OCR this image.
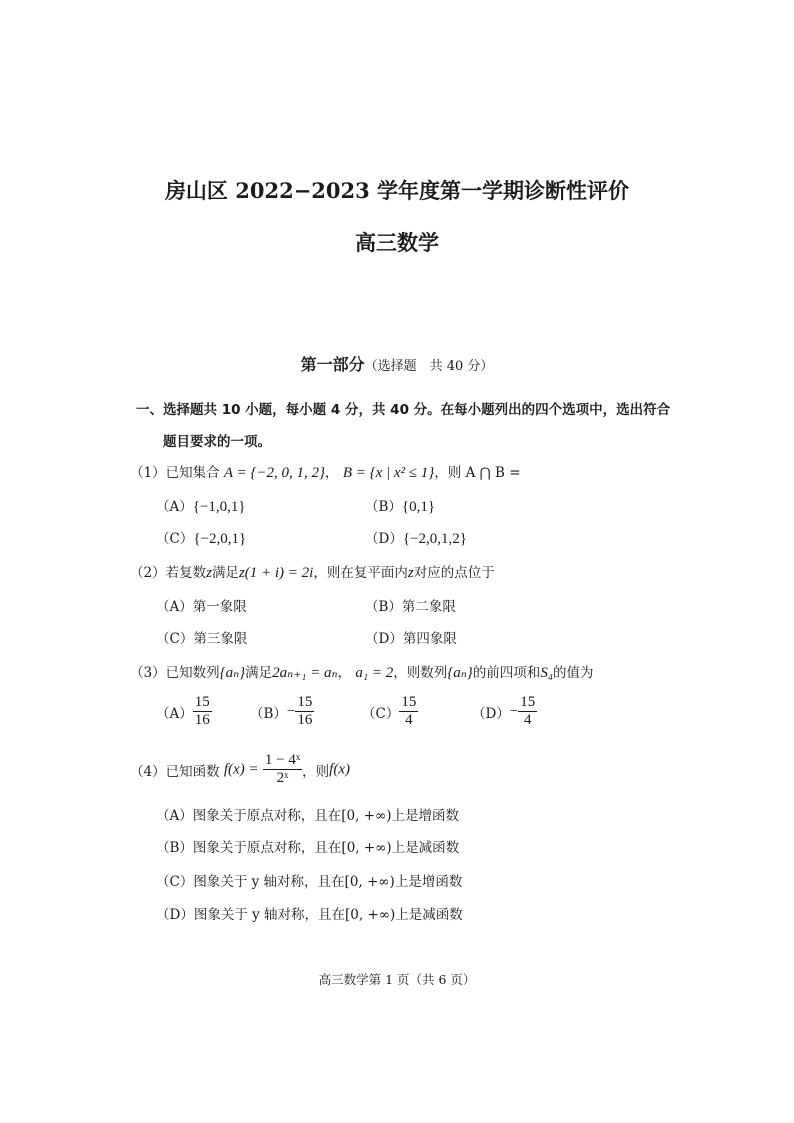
房山区 2022−2023 学年度第一学期诊断性评价
高三数学
第一部分（选择题　共 40 分）
一、选择题共 10 小题，每小题 4 分，共 40 分。在每小题列出的四个选项中，选出符合
题目要求的一项。
（1）已知集合 A = {−2, 0, 1, 2}， B = {x | x² ≤ 1}，则 A ⋂ B =
（A）{−1,0,1}	（B）{0,1}
（C）{−2,0,1}	（D）{−2,0,1,2}
（2）若复数z满足z(1 + i) = 2i，则在复平面内z对应的点位于
（A）第一象限	（B）第二象限
（C）第三象限	（D）第四象限
（3）已知数列{aₙ}满足2aₙ₊₁ = aₙ， a₁ = 2，则数列{aₙ}的前四项和S₄的值为
$(A) \frac{15}{16}$	$(B)- \frac{15}{16}$	$(C) \frac{15}{4}$	$(D)- \frac{15}{4}$
（4）已知函数 $f(x) = \frac{\text{1 − 4ˣ}}{\text{2ˣ}}$ ，则f(x)
（A）图象关于原点对称，且在[0, +∞)上是增函数
（B）图象关于原点对称，且在[0, +∞)上是减函数
（C）图象关于 y 轴对称，且在[0, +∞)上是增函数
（D）图象关于 y 轴对称，且在[0, +∞)上是减函数
高三数学第 1 页（共 6 页）
